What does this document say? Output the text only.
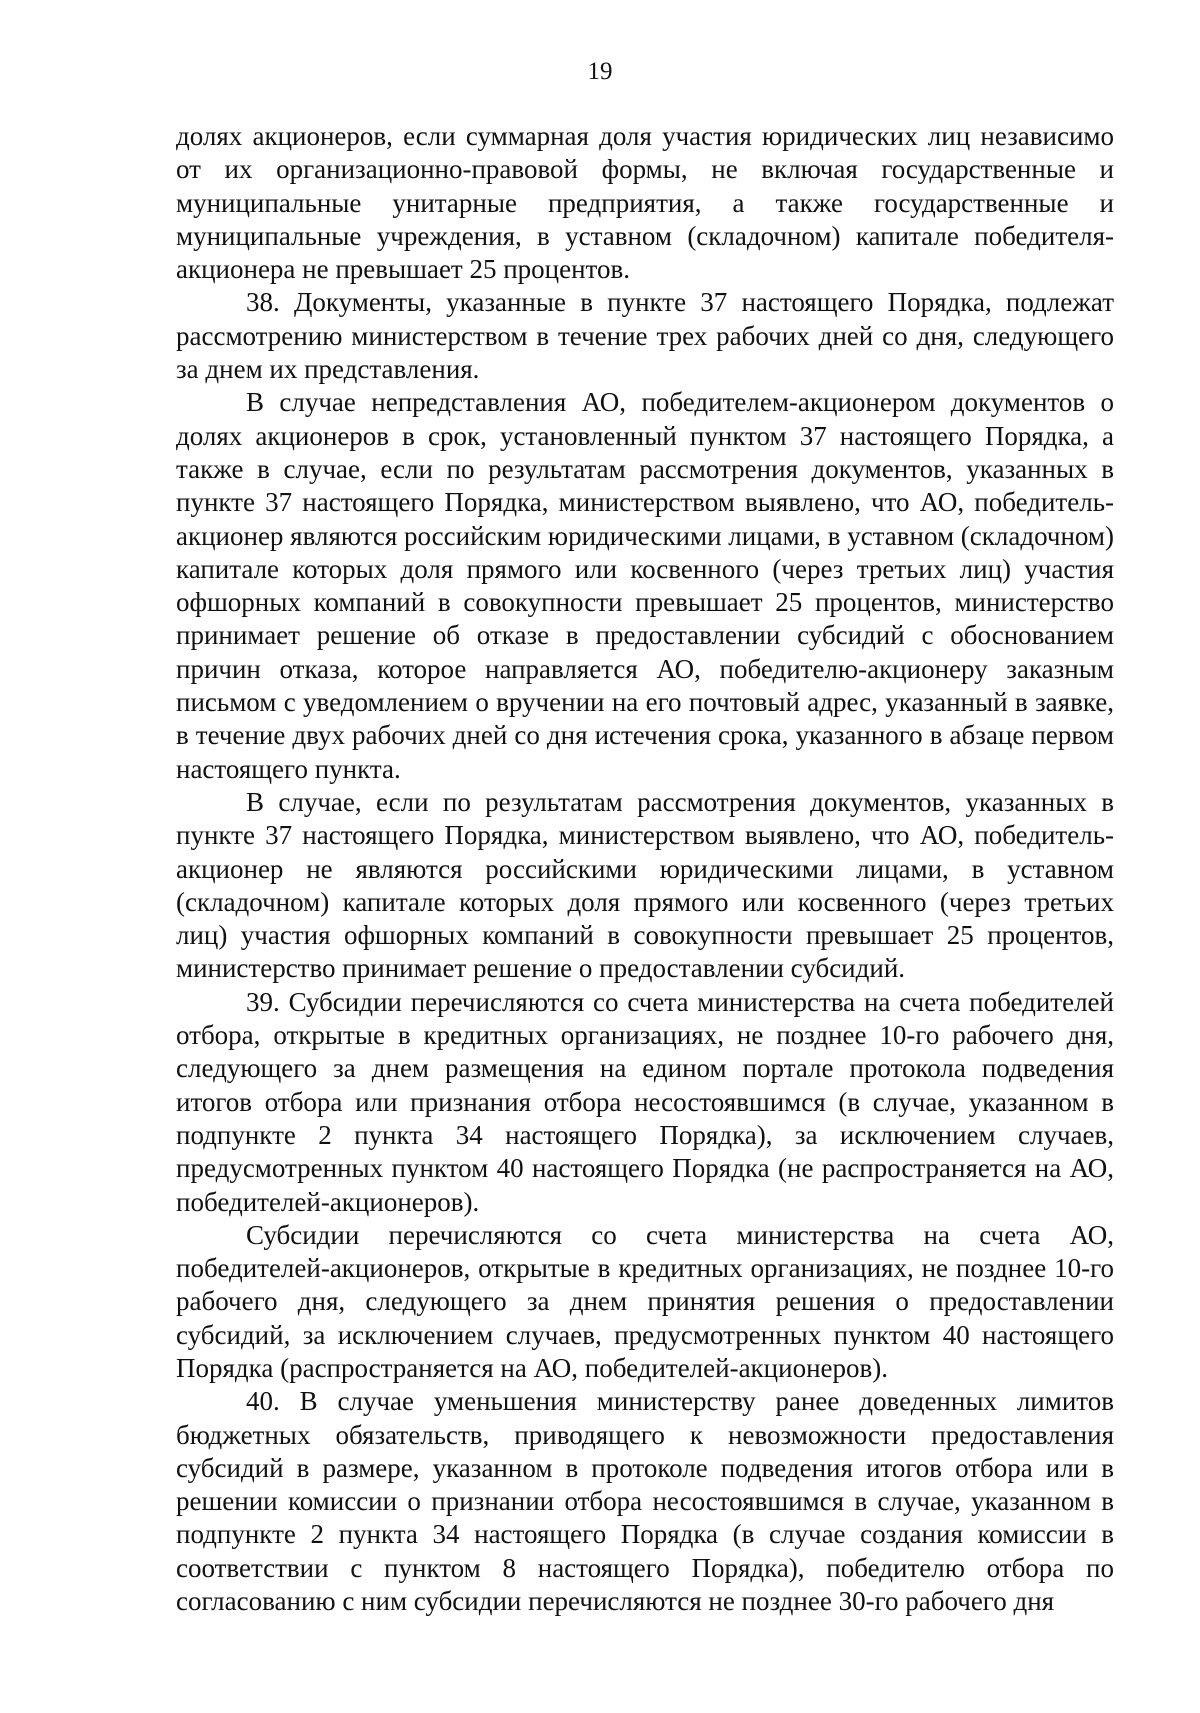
19

долях акционеров, если суммарная доля участия юридических лиц независимо от их организационно-правовой формы, не включая государственные и муниципальные унитарные предприятия, а также государственные и муниципальные учреждения, в уставном (складочном) капитале победителя-акционера не превышает 25 процентов.

38. Документы, указанные в пункте 37 настоящего Порядка, подлежат рассмотрению министерством в течение трех рабочих дней со дня, следующего за днем их представления.

В случае непредставления АО, победителем-акционером документов о долях акционеров в срок, установленный пунктом 37 настоящего Порядка, а также в случае, если по результатам рассмотрения документов, указанных в пункте 37 настоящего Порядка, министерством выявлено, что АО, победитель-акционер являются российским юридическими лицами, в уставном (складочном) капитале которых доля прямого или косвенного (через третьих лиц) участия офшорных компаний в совокупности превышает 25 процентов, министерство принимает решение об отказе в предоставлении субсидий с обоснованием причин отказа, которое направляется АО, победителю-акционеру заказным письмом с уведомлением о вручении на его почтовый адрес, указанный в заявке, в течение двух рабочих дней со дня истечения срока, указанного в абзаце первом настоящего пункта.

В случае, если по результатам рассмотрения документов, указанных в пункте 37 настоящего Порядка, министерством выявлено, что АО, победитель-акционер не являются российскими юридическими лицами, в уставном (складочном) капитале которых доля прямого или косвенного (через третьих лиц) участия офшорных компаний в совокупности превышает 25 процентов, министерство принимает решение о предоставлении субсидий.

39. Субсидии перечисляются со счета министерства на счета победителей отбора, открытые в кредитных организациях, не позднее 10-го рабочего дня, следующего за днем размещения на едином портале протокола подведения итогов отбора или признания отбора несостоявшимся (в случае, указанном в подпункте 2 пункта 34 настоящего Порядка), за исключением случаев, предусмотренных пунктом 40 настоящего Порядка (не распространяется на АО, победителей-акционеров).

Субсидии перечисляются со счета министерства на счета АО, победителей-акционеров, открытые в кредитных организациях, не позднее 10-го рабочего дня, следующего за днем принятия решения о предоставлении субсидий, за исключением случаев, предусмотренных пунктом 40 настоящего Порядка (распространяется на АО, победителей-акционеров).

40. В случае уменьшения министерству ранее доведенных лимитов бюджетных обязательств, приводящего к невозможности предоставления субсидий в размере, указанном в протоколе подведения итогов отбора или в решении комиссии о признании отбора несостоявшимся в случае, указанном в подпункте 2 пункта 34 настоящего Порядка (в случае создания комиссии в соответствии с пунктом 8 настоящего Порядка), победителю отбора по согласованию с ним субсидии перечисляются не позднее 30-го рабочего дня
